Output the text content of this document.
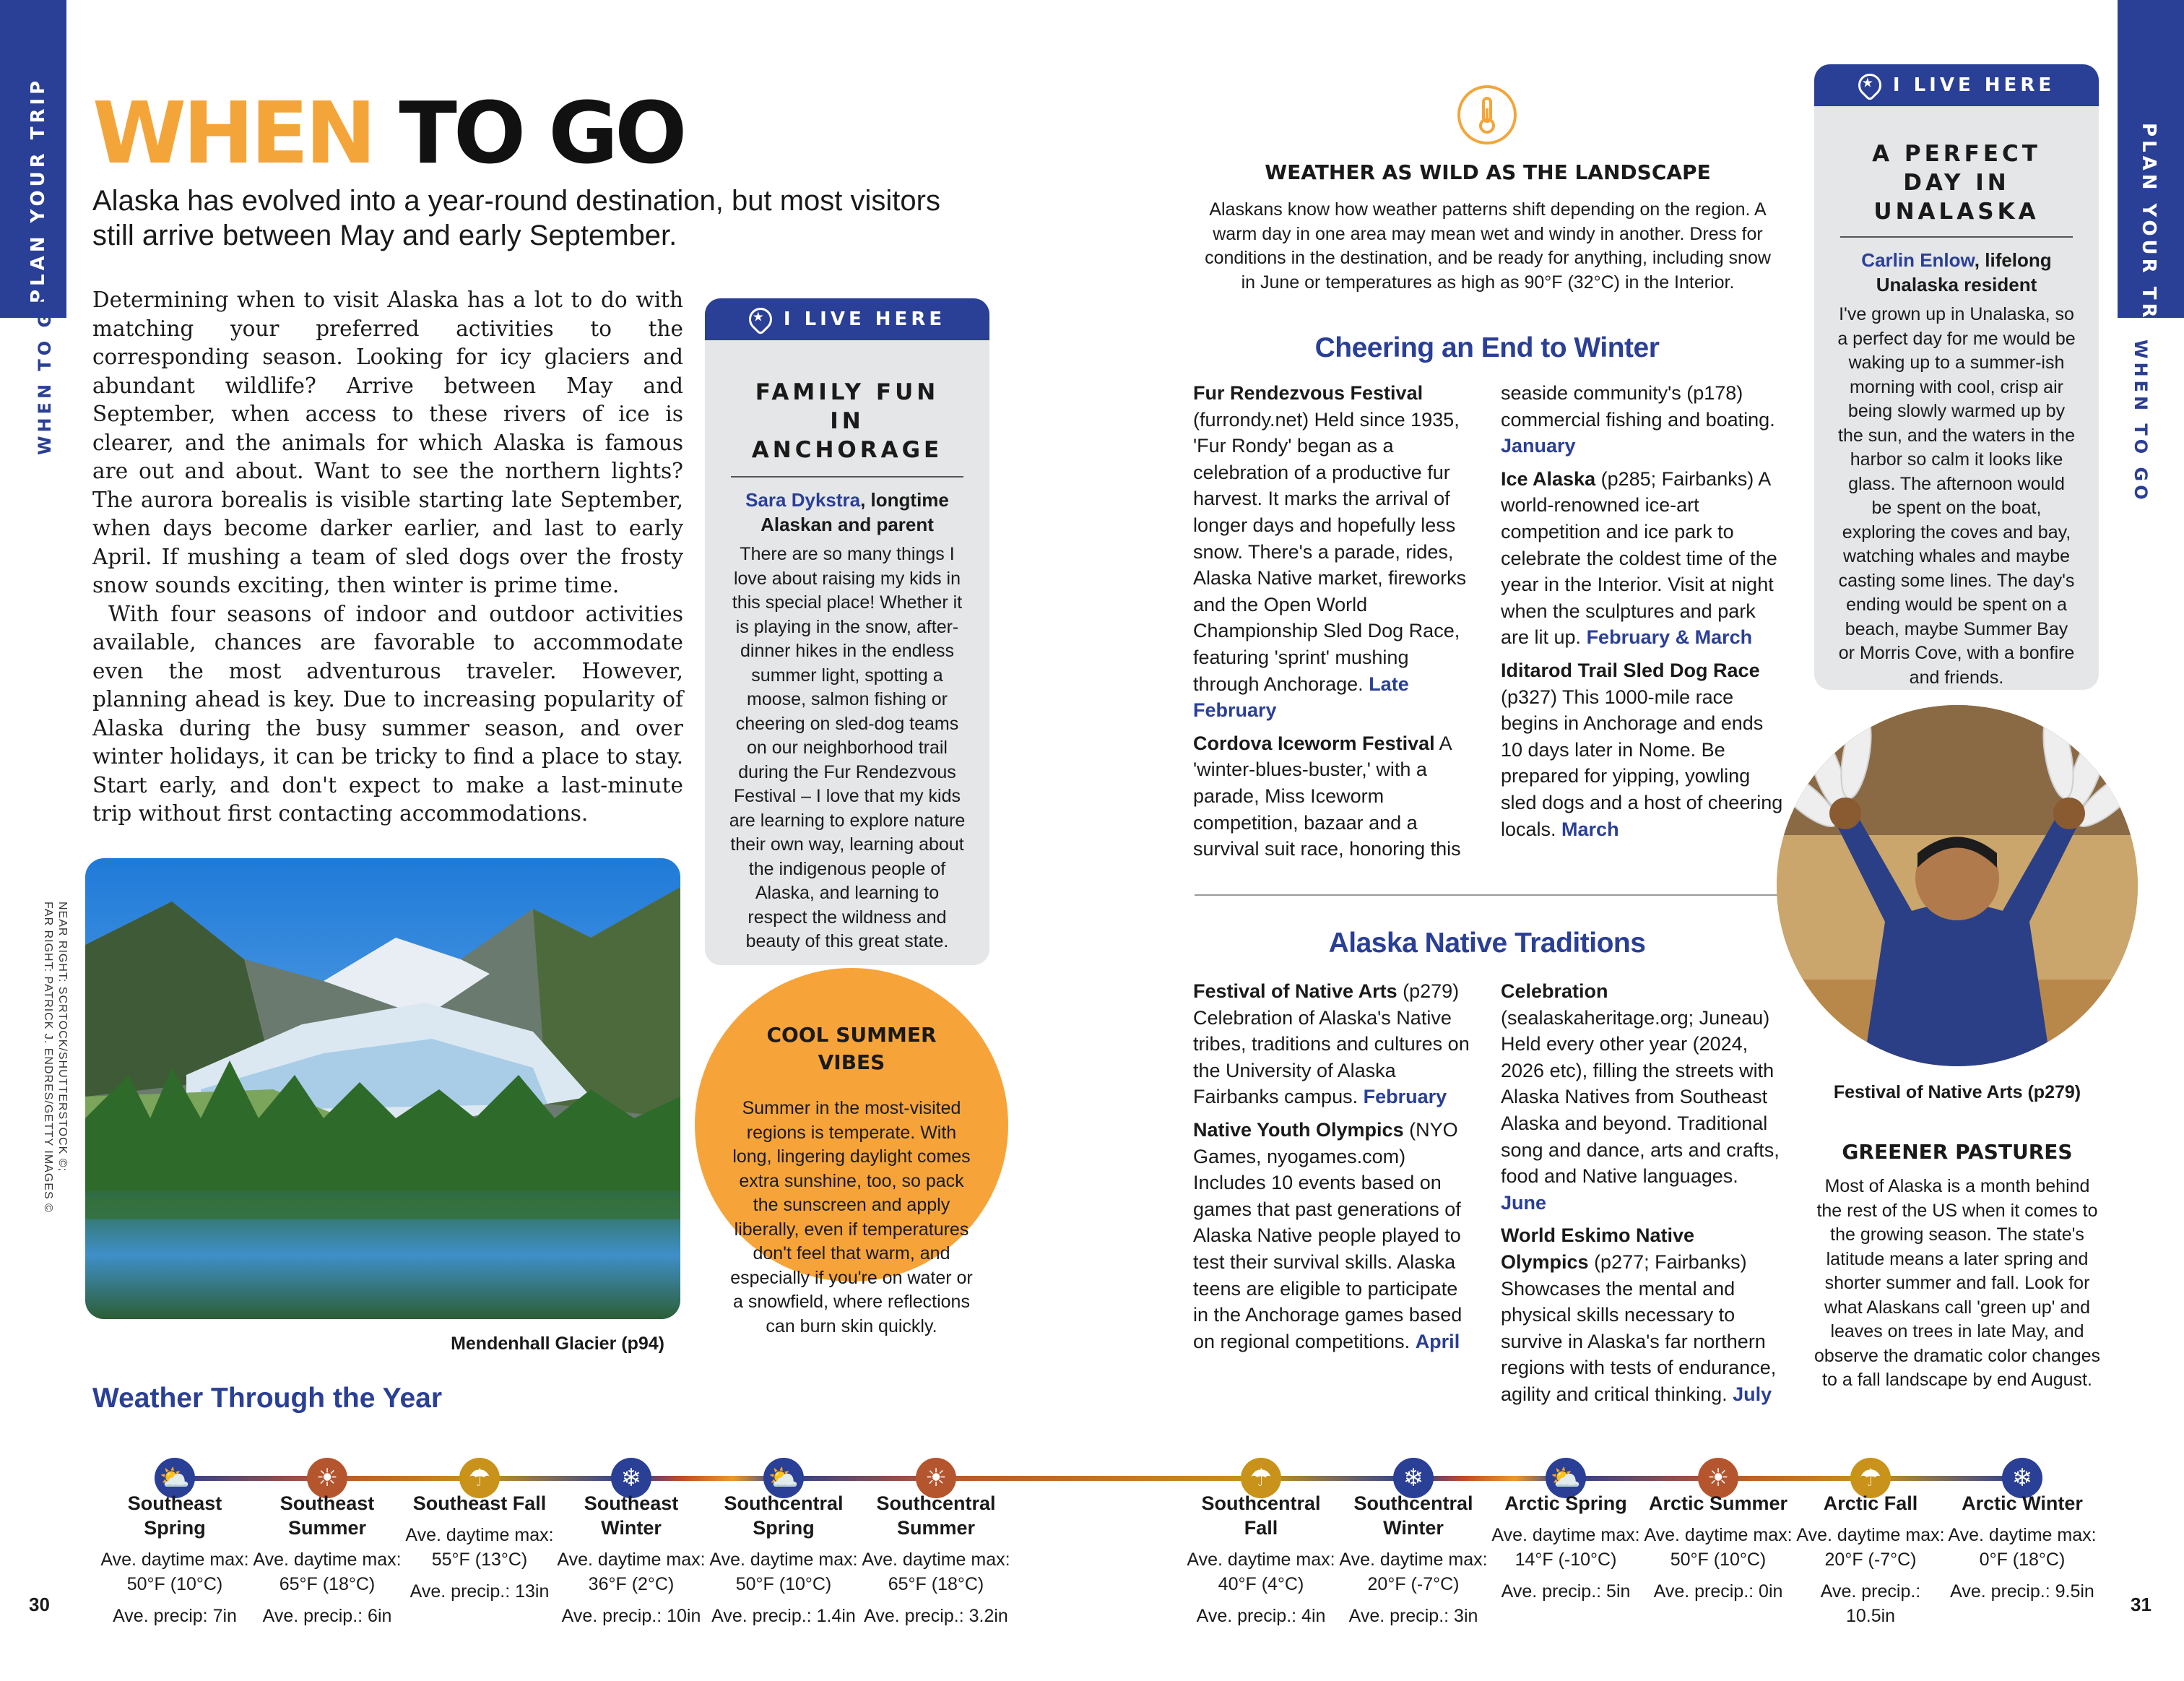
PLAN YOUR TRIP
WHEN TO GO
PLAN YOUR TRIP
WHEN TO GO
WHEN TO GO
Alaska has evolved into a year-round destination, but most visitors still arrive between May and early September.

Determining when to visit Alaska has a lot to do with matching your preferred activities to the corresponding season. Looking for icy glaciers and abundant wildlife? Arrive between May and September, when access to these rivers of ice is clearer, and the animals for which Alaska is famous are out and about. Want to see the northern lights? The aurora borealis is visible starting late September, when days become darker earlier, and last to early April. If mushing a team of sled dogs over the frosty snow sounds exciting, then winter is prime time.

With four seasons of indoor and outdoor activities available, chances are favorable to accommodate even the most adventurous traveler. However, planning ahead is key. Due to increasing popularity of Alaska during the busy summer season, and over winter holidays, it can be tricky to find a place to stay. Start early, and don't expect to make a last-minute trip without first contacting accommodations.

★
I LIVE HERE
FAMILY FUN IN ANCHORAGE
Sara Dykstra, longtime Alaskan and parent
There are so many things I love about raising my kids in this special place! Whether it is playing in the snow, after-dinner hikes in the endless summer light, spotting a moose, salmon fishing or cheering on sled-dog teams on our neighborhood trail during the Fur Rendezvous Festival – I love that my kids are learning to explore nature their own way, learning about the indigenous people of Alaska, and learning to respect the wildness and beauty of this great state.
★
I LIVE HERE
A PERFECT DAY IN UNALASKA
Carlin Enlow, lifelong Unalaska resident
I've grown up in Unalaska, so a perfect day for me would be waking up to a summer-ish morning with cool, crisp air being slowly warmed up by the sun, and the waters in the harbor so calm it looks like glass. The afternoon would be spent on the boat, exploring the coves and bay, watching whales and maybe casting some lines. The day's ending would be spent on a beach, maybe Summer Bay or Morris Cove, with a bonfire and friends.
NEAR RIGHT: SCRTOCK/SHUTTERSTOCK ©;
FAR RIGHT: PATRICK J. ENDRES/GETTY IMAGES ©
Mendenhall Glacier (p94)
COOL SUMMER VIBES
Summer in the most-visited regions is temperate. With long, lingering daylight comes extra sunshine, too, so pack the sunscreen and apply liberally, even if temperatures don't feel that warm, and especially if you're on water or a snowfield, where reflections can burn skin quickly.
WEATHER AS WILD AS THE LANDSCAPE
Alaskans know how weather patterns shift depending on the region. A warm day in one area may mean wet and windy in another. Dress for conditions in the destination, and be ready for anything, including snow in June or temperatures as high as 90°F (32°C) in the Interior.
Cheering an End to Winter

Fur Rendezvous Festival (furrondy.net) Held since 1935, 'Fur Rondy' began as a celebration of a productive fur harvest. It marks the arrival of longer days and hopefully less snow. There's a parade, rides, Alaska Native market, fireworks and the Open World Championship Sled Dog Race, featuring 'sprint' mushing through Anchorage. Late February

Cordova Iceworm Festival A 'winter-blues-buster,' with a parade, Miss Iceworm competition, bazaar and a survival suit race, honoring this seaside community's (p178) commercial fishing and boating. January

Ice Alaska (p285; Fairbanks) A world-renowned ice-art competition and ice park to celebrate the coldest time of the year in the Interior. Visit at night when the sculptures and park are lit up. February & March

Iditarod Trail Sled Dog Race (p327) This 1000-mile race begins in Anchorage and ends 10 days later in Nome. Be prepared for yipping, yowling sled dogs and a host of cheering locals. March

Alaska Native Traditions

Festival of Native Arts (p279) Celebration of Alaska's Native tribes, traditions and cultures on the University of Alaska Fairbanks campus. February

Native Youth Olympics (NYO Games, nyogames.com) Includes 10 events based on games that past generations of Alaska Native people played to test their survival skills. Alaska teens are eligible to participate in the Anchorage games based on regional competitions. April

Celebration (sealaskaheritage.org; Juneau) Held every other year (2024, 2026 etc), filling the streets with Alaska Natives from Southeast Alaska and beyond. Traditional song and dance, arts and crafts, food and Native languages. June

World Eskimo Native Olympics (p277; Fairbanks) Showcases the mental and physical skills necessary to survive in Alaska's far northern regions with tests of endurance, agility and critical thinking. July

Festival of Native Arts (p279)
GREENER PASTURES
Most of Alaska is a month behind the rest of the US when it comes to the growing season. The state's latitude means a later spring and shorter summer and fall. Look for what Alaskans call 'green up' and leaves on trees in late May, and observe the dramatic color changes to a fall landscape by end August.
Weather Through the Year
⛅
Southeast Spring
Ave. daytime max: 50°F (10°C)
Ave. precip: 7in
☀
Southeast Summer
Ave. daytime max: 65°F (18°C)
Ave. precip.: 6in
☂
Southeast Fall
Ave. daytime max: 55°F (13°C)
Ave. precip.: 13in
❄
Southeast Winter
Ave. daytime max: 36°F (2°C)
Ave. precip.: 10in
⛅
Southcentral Spring
Ave. daytime max: 50°F (10°C)
Ave. precip.: 1.4in
☀
Southcentral Summer
Ave. daytime max: 65°F (18°C)
Ave. precip.: 3.2in
☂
Southcentral Fall
Ave. daytime max: 40°F (4°C)
Ave. precip.: 4in
❄
Southcentral Winter
Ave. daytime max: 20°F (-7°C)
Ave. precip.: 3in
⛅
Arctic Spring
Ave. daytime max: 14°F (-10°C)
Ave. precip.: 5in
☀
Arctic Summer
Ave. daytime max: 50°F (10°C)
Ave. precip.: 0in
☂
Arctic Fall
Ave. daytime max: 20°F (-7°C)
Ave. precip.: 10.5in
❄
Arctic Winter
Ave. daytime max: 0°F (18°C)
Ave. precip.: 9.5in
30	31
